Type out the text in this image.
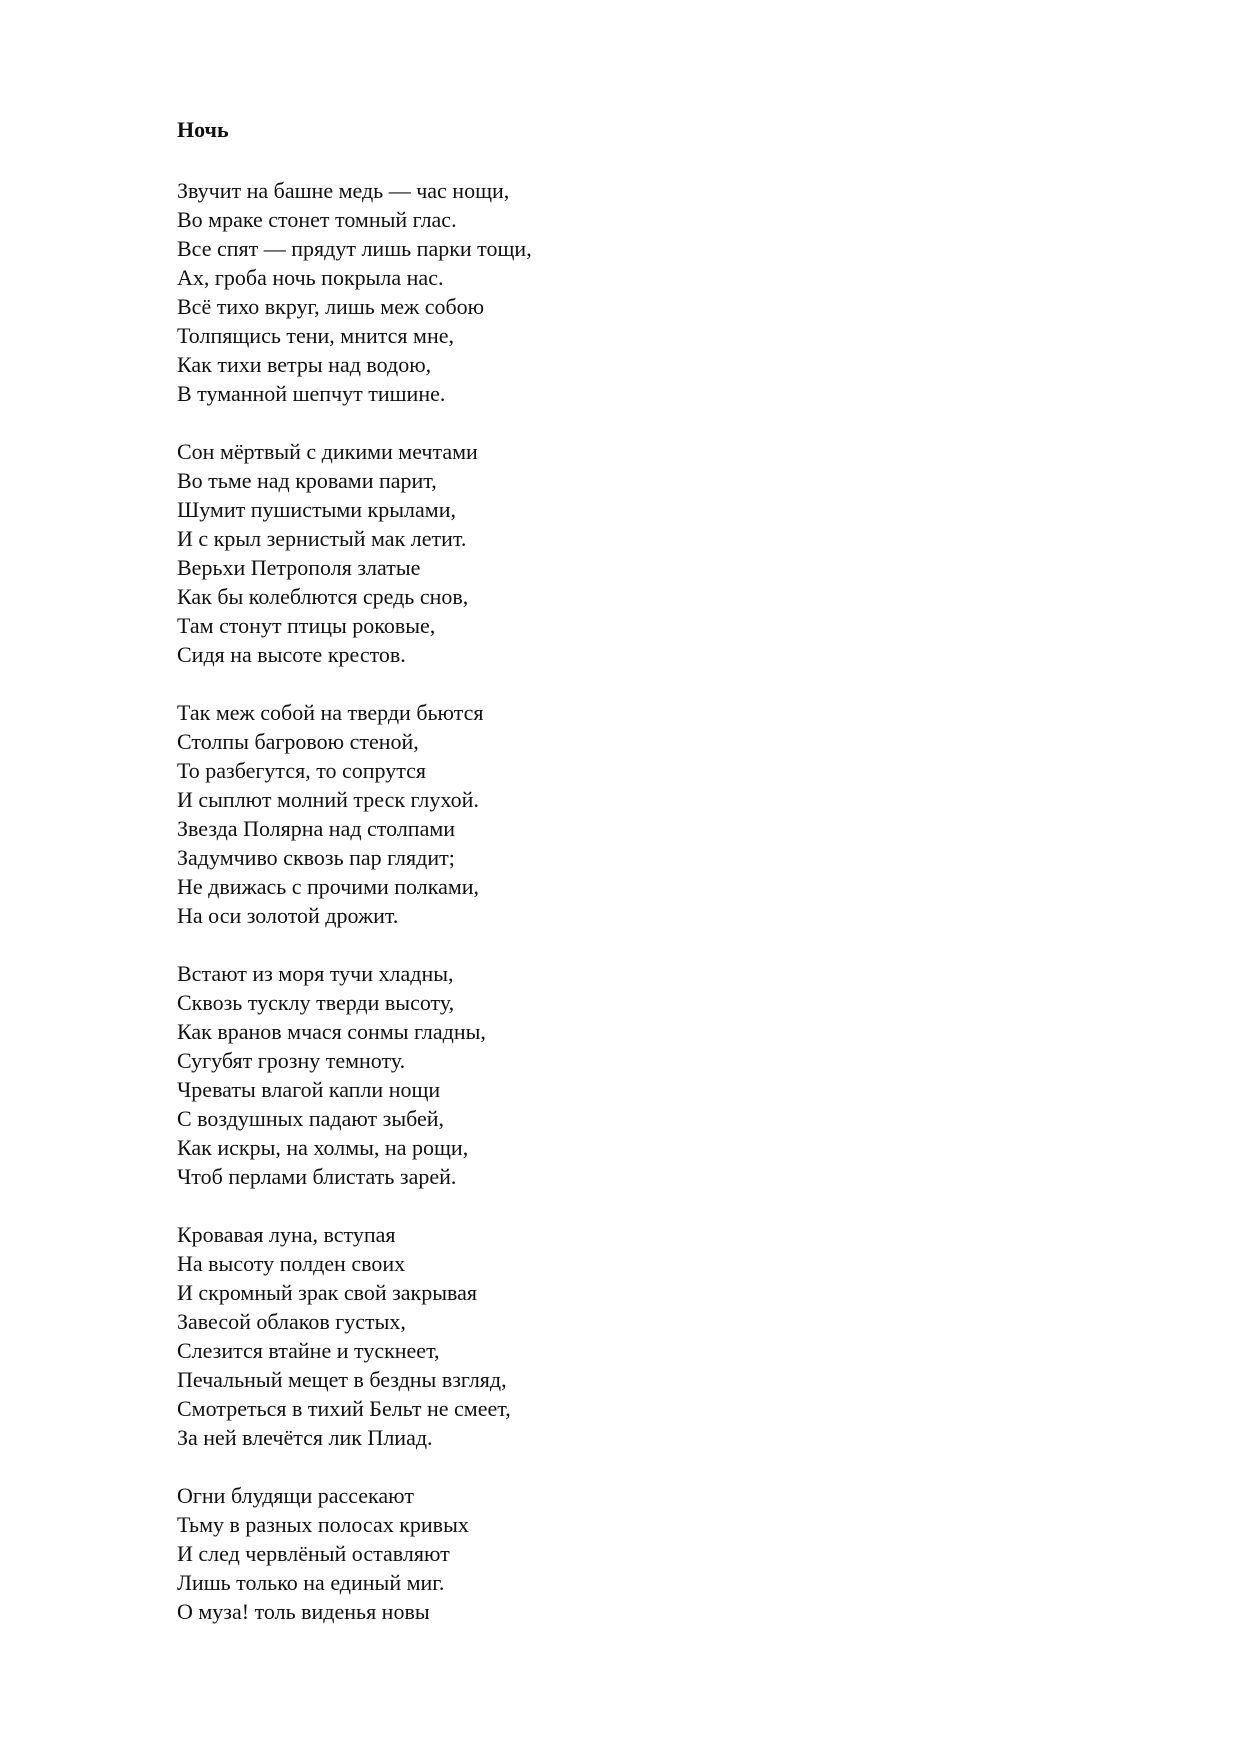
Ночь
Звучит на башне медь — час нощи,
Во мраке стонет томный глас.
Все спят — прядут лишь парки тощи,
Ах, гроба ночь покрыла нас.
Всё тихо вкруг, лишь меж собою
Толпящись тени, мнится мне,
Как тихи ветры над водою,
В туманной шепчут тишине.
Сон мёртвый с дикими мечтами
Во тьме над кровами парит,
Шумит пушистыми крылами,
И с крыл зернистый мак летит.
Верьхи Петрополя златые
Как бы колеблются средь снов,
Там стонут птицы роковые,
Сидя на высоте крестов.
Так меж собой на тверди бьются
Столпы багровою стеной,
То разбегутся, то сопрутся
И сыплют молний треск глухой.
Звезда Полярна над столпами
Задумчиво сквозь пар глядит;
Не движась с прочими полками,
На оси золотой дрожит.
Встают из моря тучи хладны,
Сквозь тусклу тверди высоту,
Как вранов мчася сонмы гладны,
Сугубят грозну темноту.
Чреваты влагой капли нощи
С воздушных падают зыбей,
Как искры, на холмы, на рощи,
Чтоб перлами блистать зарей.
Кровавая луна, вступая
На высоту полден своих
И скромный зрак свой закрывая
Завесой облаков густых,
Слезится втайне и тускнеет,
Печальный мещет в бездны взгляд,
Смотреться в тихий Бельт не смеет,
За ней влечётся лик Плиад.
Огни блудящи рассекают
Тьму в разных полосах кривых
И след червлёный оставляют
Лишь только на единый миг.
О муза! толь виденья новы
